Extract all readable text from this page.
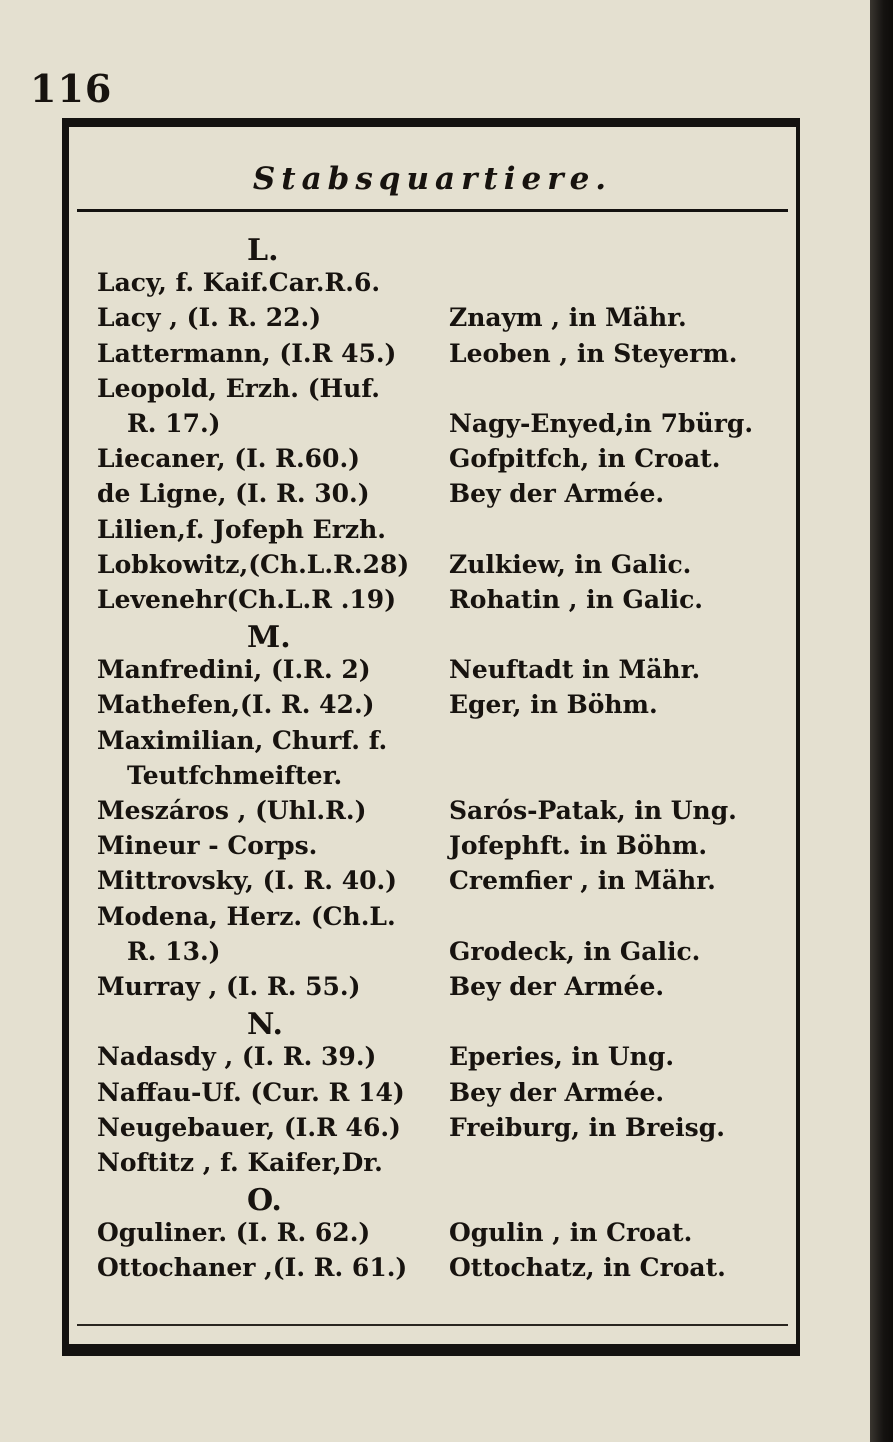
116
Stabsquartiere.
L.
Lacy, f. Kaif.Car.R.6.
Lacy , (I. R. 22.)	Znaym , in Mähr.
Lattermann, (I.R 45.) Leoben , in Steyerm.
Leopold, Erzh. (Huf.
R. 17.)	Nagy-Enyed,in 7bürg.
Liecaner, (I. R.60.)	Gofpitfch, in Croat.
de Ligne, (I. R. 30.)	Bey der Armée.
Lilien,f. Jofeph Erzh.
Lobkowitz,(Ch.L.R.28) Zulkiew, in Galic.
Levenehr(Ch.L.R .19) Rohatin , in Galic.
M.
Manfredini, (I.R. 2)	Neuftadt in Mähr.
Mathefen,(I. R. 42.)	Eger, in Böhm.
Maximilian, Churf. f.
Teutfchmeifter.
Meszáros , (Uhl.R.)	Sarós-Patak, in Ung.
Mineur - Corps.	Jofephft. in Böhm.
Mittrovsky, (I. R. 40.) Cremfier , in Mähr.
Modena, Herz. (Ch.L.
R. 13.)	Grodeck, in Galic.
Murray , (I. R. 55.)	Bey der Armée.
N.
Nadasdy , (I. R. 39.)	Eperies, in Ung.
Naffau-Uf. (Cur. R 14) Bey der Armée.
Neugebauer, (I.R 46.) Freiburg, in Breisg.
Noftitz , f. Kaifer,Dr.
O.
Oguliner. (I. R. 62.)	Ogulin , in Croat.
Ottochaner ,(I. R. 61.) Ottochatz, in Croat.
